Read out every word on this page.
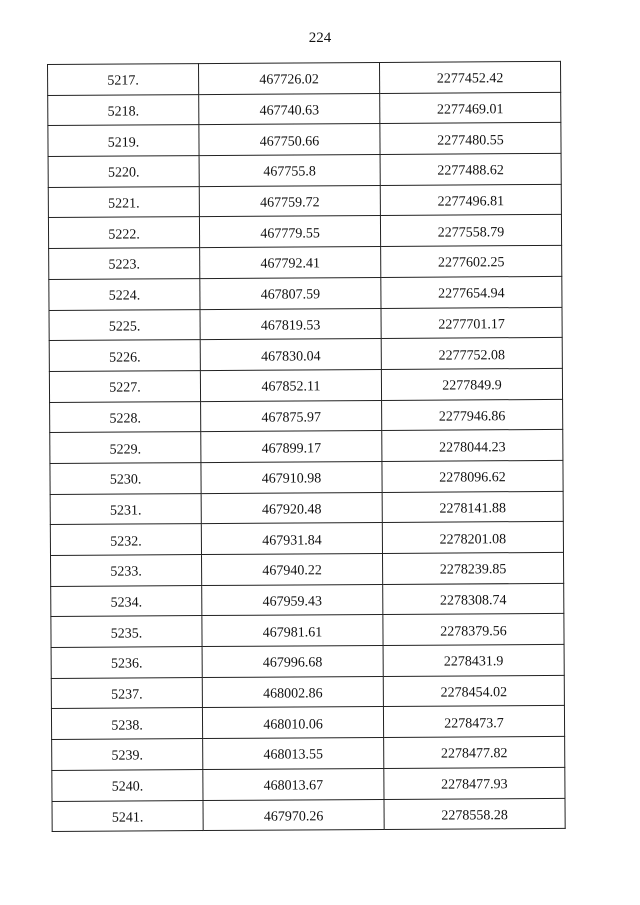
224
5217.	467726.02	2277452.42
5218.	467740.63	2277469.01
5219.	467750.66	2277480.55
5220.	467755.8	2277488.62
5221.	467759.72	2277496.81
5222.	467779.55	2277558.79
5223.	467792.41	2277602.25
5224.	467807.59	2277654.94
5225.	467819.53	2277701.17
5226.	467830.04	2277752.08
5227.	467852.11	2277849.9
5228.	467875.97	2277946.86
5229.	467899.17	2278044.23
5230.	467910.98	2278096.62
5231.	467920.48	2278141.88
5232.	467931.84	2278201.08
5233.	467940.22	2278239.85
5234.	467959.43	2278308.74
5235.	467981.61	2278379.56
5236.	467996.68	2278431.9
5237.	468002.86	2278454.02
5238.	468010.06	2278473.7
5239.	468013.55	2278477.82
5240.	468013.67	2278477.93
5241.	467970.26	2278558.28
